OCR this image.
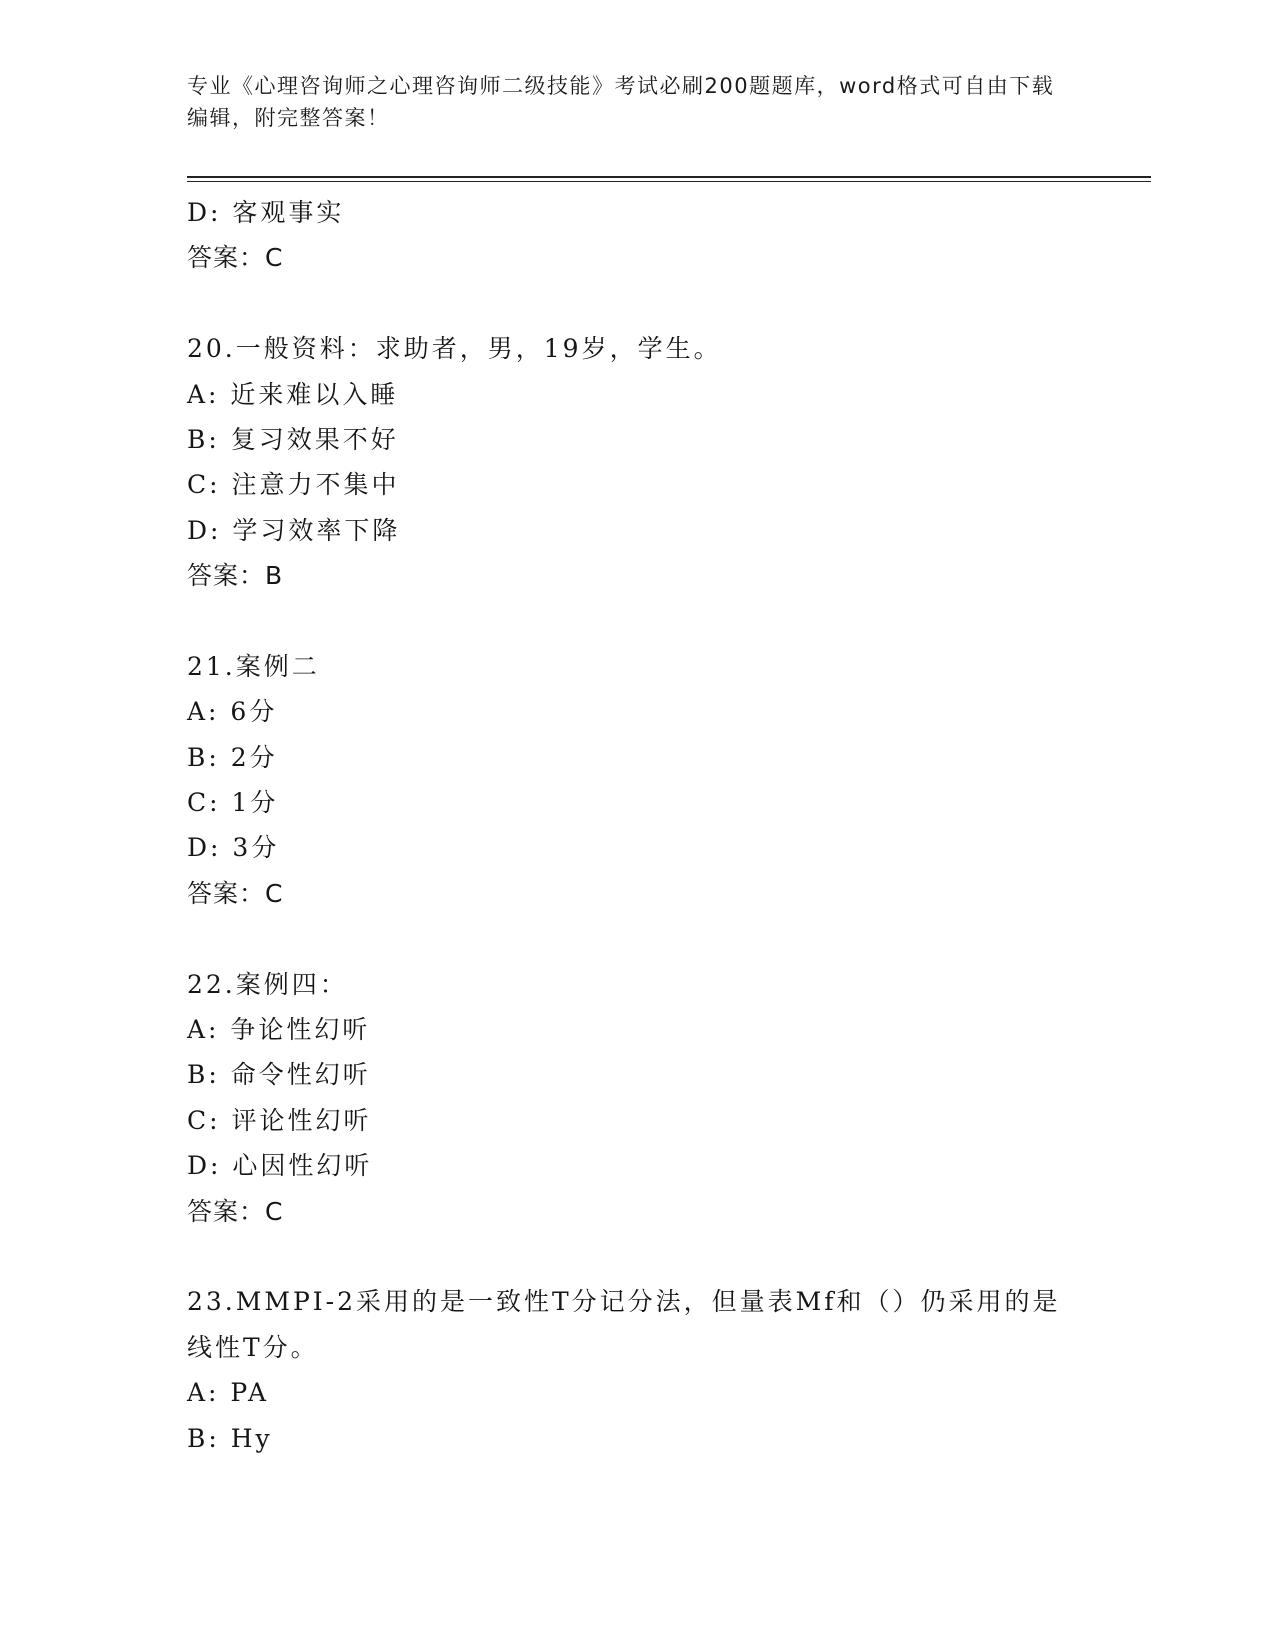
专业《心理咨询师之心理咨询师二级技能》考试必刷200题题库，word格式可自由下载编辑，附完整答案！
D: 客观事实
答案：C
20.一般资料：求助者，男，19岁，学生。
A: 近来难以入睡
B: 复习效果不好
C: 注意力不集中
D: 学习效率下降
答案：B
21.案例二
A: 6分
B: 2分
C: 1分
D: 3分
答案：C
22.案例四：
A: 争论性幻听
B: 命令性幻听
C: 评论性幻听
D: 心因性幻听
答案：C
23.MMPI-2采用的是一致性T分记分法，但量表Mf和（）仍采用的是
线性T分。
A: PA
B: Hy
